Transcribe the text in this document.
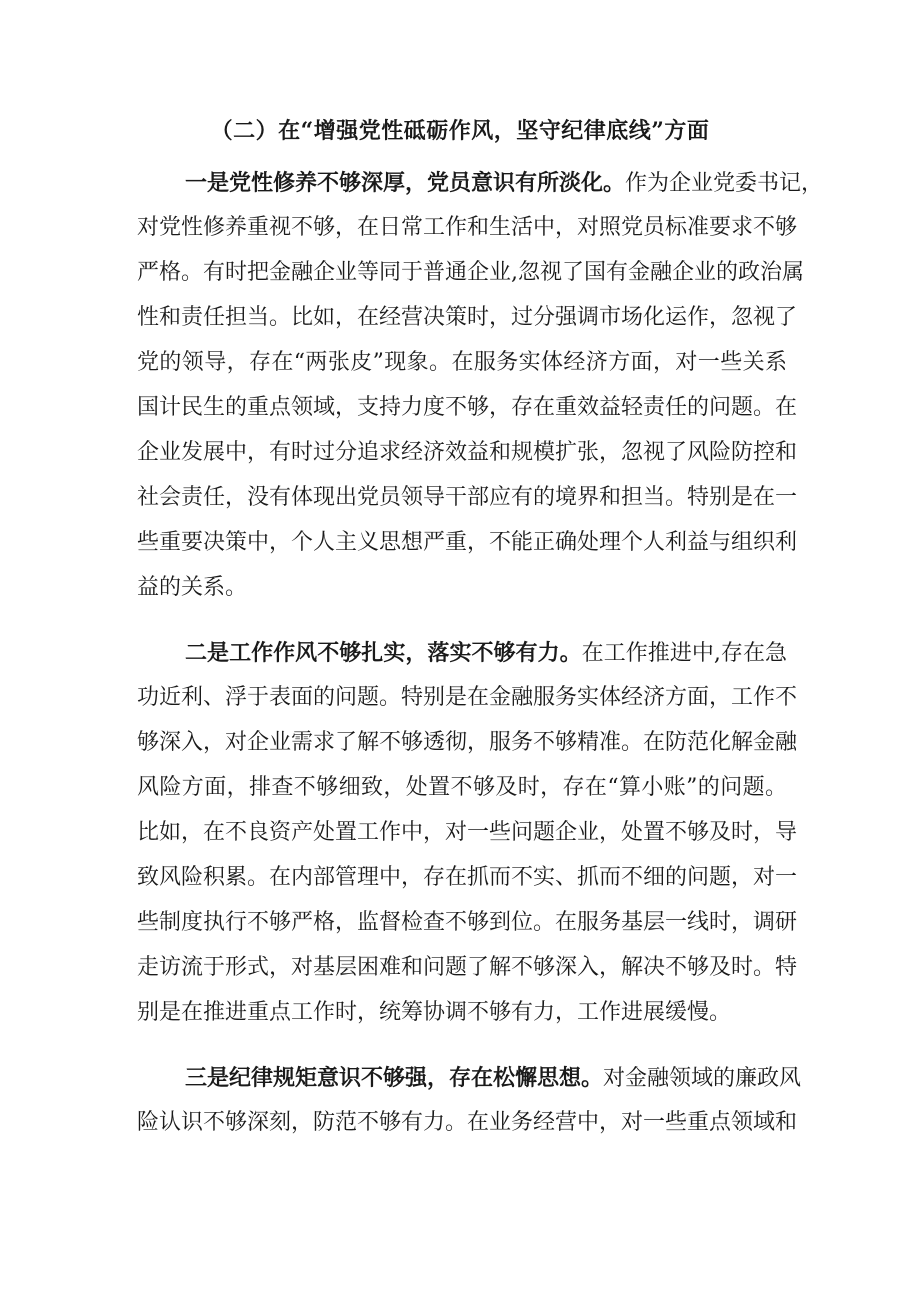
（二）在“增强党性砥砺作风，坚守纪律底线”方面
一是党性修养不够深厚，党员意识有所淡化。作为企业党委书记，
对党性修养重视不够，在日常工作和生活中，对照党员标准要求不够
严格。有时把金融企业等同于普通企业,忽视了国有金融企业的政治属
性和责任担当。比如，在经营决策时，过分强调市场化运作，忽视了
党的领导，存在“两张皮”现象。在服务实体经济方面，对一些关系
国计民生的重点领域，支持力度不够，存在重效益轻责任的问题。在
企业发展中，有时过分追求经济效益和规模扩张，忽视了风险防控和
社会责任，没有体现出党员领导干部应有的境界和担当。特别是在一
些重要决策中，个人主义思想严重，不能正确处理个人利益与组织利
益的关系。
二是工作作风不够扎实，落实不够有力。在工作推进中,存在急
功近利、浮于表面的问题。特别是在金融服务实体经济方面，工作不
够深入，对企业需求了解不够透彻，服务不够精准。在防范化解金融
风险方面，排查不够细致，处置不够及时，存在“算小账”的问题。
比如，在不良资产处置工作中，对一些问题企业，处置不够及时，导
致风险积累。在内部管理中，存在抓而不实、抓而不细的问题，对一
些制度执行不够严格，监督检查不够到位。在服务基层一线时，调研
走访流于形式，对基层困难和问题了解不够深入，解决不够及时。特
别是在推进重点工作时，统筹协调不够有力，工作进展缓慢。
三是纪律规矩意识不够强，存在松懈思想。对金融领域的廉政风
险认识不够深刻，防范不够有力。在业务经营中，对一些重点领域和
